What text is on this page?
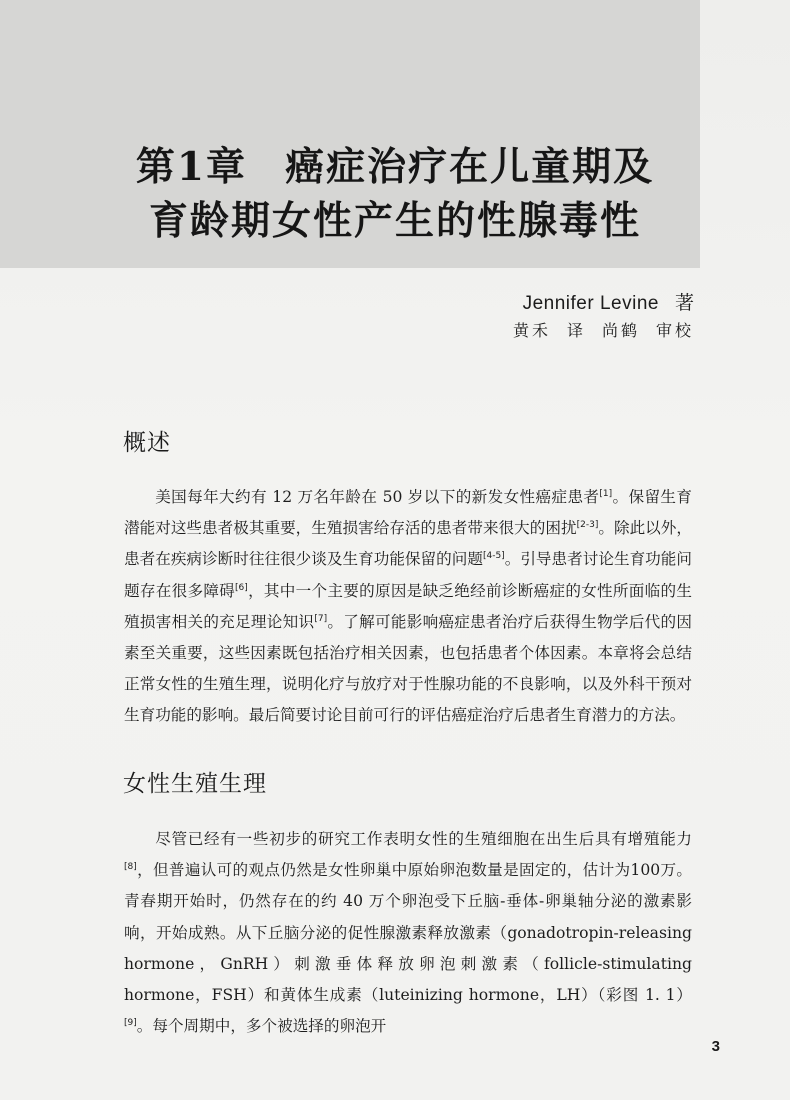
第1章 癌症治疗在儿童期及
育龄期女性产生的性腺毒性
Jennifer Levine 著
黄禾 译 尚鹤 审校
概述

美国每年大约有 12 万名年龄在 50 岁以下的新发女性癌症患者[1]。保留生育潜能对这些患者极其重要，生殖损害给存活的患者带来很大的困扰[2-3]。除此以外，患者在疾病诊断时往往很少谈及生育功能保留的问题[4-5]。引导患者讨论生育功能问题存在很多障碍[6]，其中一个主要的原因是缺乏绝经前诊断癌症的女性所面临的生殖损害相关的充足理论知识[7]。了解可能影响癌症患者治疗后获得生物学后代的因素至关重要，这些因素既包括治疗相关因素，也包括患者个体因素。本章将会总结正常女性的生殖生理，说明化疗与放疗对于性腺功能的不良影响，以及外科干预对生育功能的影响。最后简要讨论目前可行的评估癌症治疗后患者生育潜力的方法。

女性生殖生理

尽管已经有一些初步的研究工作表明女性的生殖细胞在出生后具有增殖能力[8]，但普遍认可的观点仍然是女性卵巢中原始卵泡数量是固定的，估计为100万。青春期开始时，仍然存在的约 40 万个卵泡受下丘脑-垂体-卵巢轴分泌的激素影响，开始成熟。从下丘脑分泌的促性腺激素释放激素（gonadotropin-releasing hormone，GnRH）刺激垂体释放卵泡刺激素（follicle-stimulating hormone，FSH）和黄体生成素（luteinizing hormone，LH）（彩图 1. 1）[9]。每个周期中，多个被选择的卵泡开

3
